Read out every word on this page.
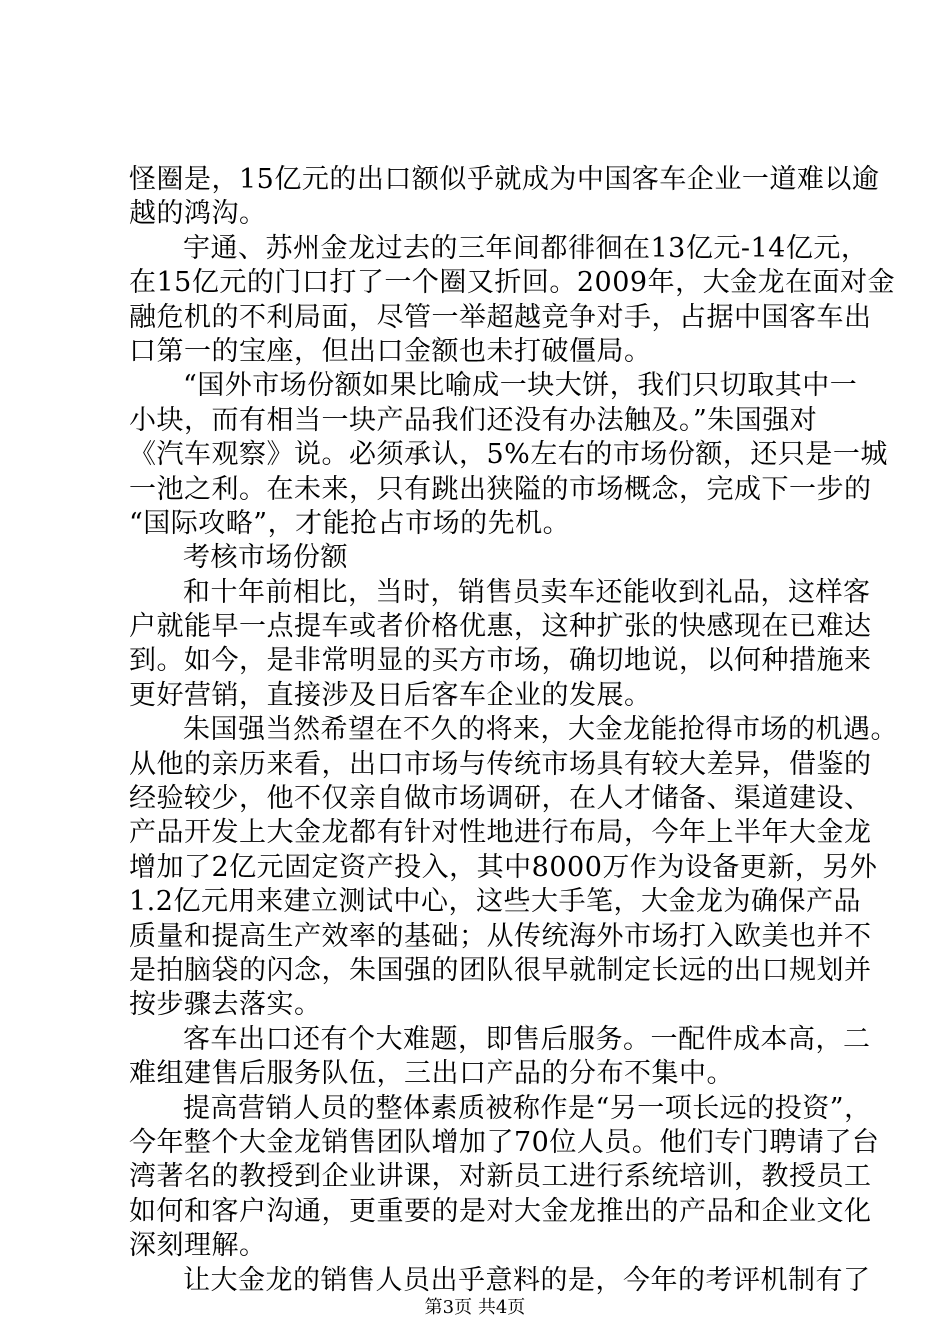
怪圈是，15亿元的出口额似乎就成为中国客车企业一道难以逾
越的鸿沟。
宇通、苏州金龙过去的三年间都徘徊在13亿元-14亿元，
在15亿元的门口打了一个圈又折回。2009年，大金龙在面对金
融危机的不利局面，尽管一举超越竞争对手，占据中国客车出
口第一的宝座，但出口金额也未打破僵局。
“国外市场份额如果比喻成一块大饼，我们只切取其中一
小块，而有相当一块产品我们还没有办法触及。”朱国强对
《汽车观察》说。必须承认，5%左右的市场份额，还只是一城
一池之利。在未来，只有跳出狭隘的市场概念，完成下一步的
“国际攻略”，才能抢占市场的先机。
考核市场份额
和十年前相比，当时，销售员卖车还能收到礼品，这样客
户就能早一点提车或者价格优惠，这种扩张的快感现在已难达
到。如今，是非常明显的买方市场，确切地说，以何种措施来
更好营销，直接涉及日后客车企业的发展。
朱国强当然希望在不久的将来，大金龙能抢得市场的机遇。
从他的亲历来看，出口市场与传统市场具有较大差异，借鉴的
经验较少，他不仅亲自做市场调研，在人才储备、渠道建设、
产品开发上大金龙都有针对性地进行布局，今年上半年大金龙
增加了2亿元固定资产投入，其中8000万作为设备更新，另外
1.2亿元用来建立测试中心，这些大手笔，大金龙为确保产品
质量和提高生产效率的基础；从传统海外市场打入欧美也并不
是拍脑袋的闪念，朱国强的团队很早就制定长远的出口规划并
按步骤去落实。
客车出口还有个大难题，即售后服务。一配件成本高，二
难组建售后服务队伍，三出口产品的分布不集中。
提高营销人员的整体素质被称作是“另一项长远的投资”，
今年整个大金龙销售团队增加了70位人员。他们专门聘请了台
湾著名的教授到企业讲课，对新员工进行系统培训，教授员工
如何和客户沟通，更重要的是对大金龙推出的产品和企业文化
深刻理解。
让大金龙的销售人员出乎意料的是，今年的考评机制有了
第3页 共4页
